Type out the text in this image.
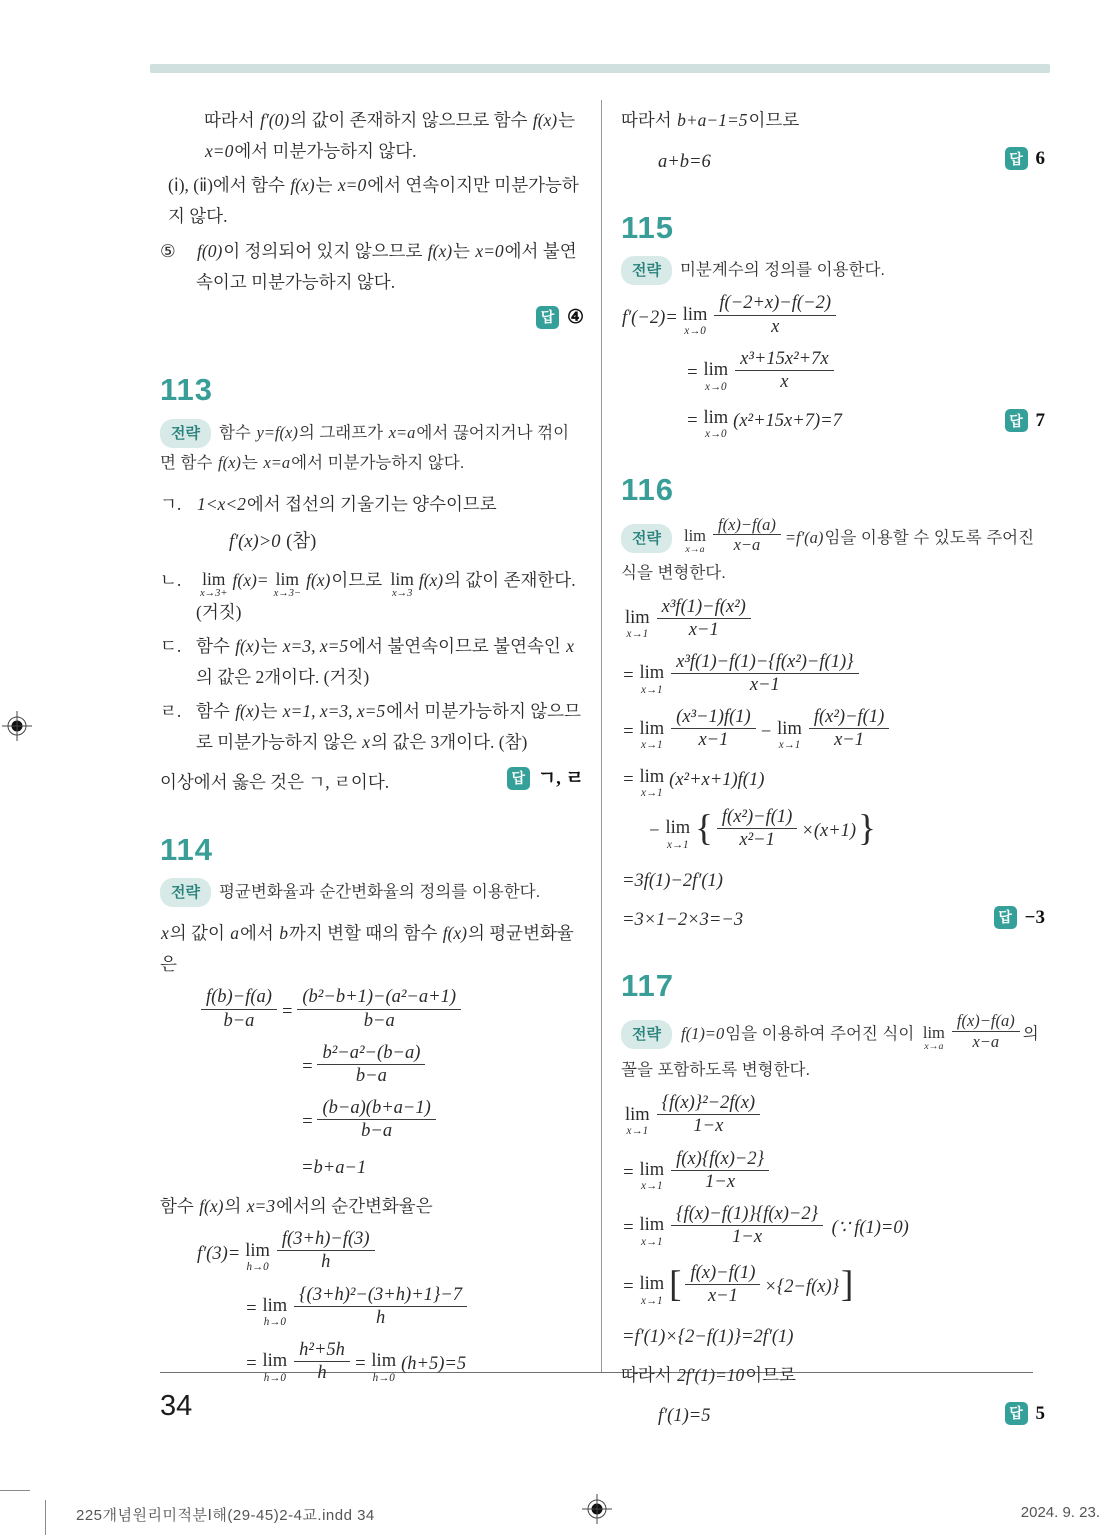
따라서 f′(0)의 값이 존재하지 않으므로 함수 f(x)는 x=0에서 미분가능하지 않다.
(ⅰ), (ⅱ)에서 함수 f(x)는 x=0에서 연속이지만 미분가능하지 않다.
⑤	f(0)이 정의되어 있지 않으므로 f(x)는 x=0에서 불연속이고 미분가능하지 않다.
답 ④
113
전략 함수 y=f(x)의 그래프가 x=a에서 끊어지거나 꺾이면 함수 f(x)는 x=a에서 미분가능하지 않다.
ㄱ. 1<x<2에서 접선의 기울기는 양수이므로
f′(x)>0 (참)
ㄴ.	lim
x→3+
f(x)= lim
x→3−
f(x)이므로 lim
x→3
f(x)의 값이 존재한다. (거짓)
ㄷ. 함수 f(x)는 x=3, x=5에서 불연속이므로 불연속인 x의 값은 2개이다. (거짓)
ㄹ. 함수 f(x)는 x=1, x=3, x=5에서 미분가능하지 않으므로 미분가능하지 않은 x의 값은 3개이다. (참)
이상에서 옳은 것은 ㄱ, ㄹ이다.	답 ㄱ, ㄹ
114
전략 평균변화율과 순간변화율의 정의를 이용한다.
x의 값이 a에서 b까지 변할 때의 함수 f(x)의 평균변화율은
$\frac{f(b)-f(a)}{b-a} = \frac{\text{(b²−b+1)−(a²−a+1)}}{b-a}$
= $\frac{\text{b²−a²−(b−a)}}{b-a}$
= $\frac{(b-a)(b+a-1)}{b-a}$
=b+a−1
함수 f(x)의 x=3에서의 순간변화율은
f′(3)= lim
$h\to 0 \frac{f(3+h)-f(3)}{h}$
= lim
$h\to 0 \frac{\text{\{(3+h)²−(3+h)+1\}−7}}{h}$
= lim
$h\to 0 \frac{\text{h²+5h}}{h} = \lim$
h→0
(h+5)=5
따라서 b+a−1=5이므로
a+b=6	답 6
115
전략 미분계수의 정의를 이용한다.
f′(−2)= lim
$x\to 0 \frac{f(-2+x)-f(-2)}{x}$
= lim
$x\to 0 \frac{\text{x³+15x²+7x}}{x}$
= lim
x→0
(x²+15x+7)=7	답 7
116
전략 lim
$x\to a \frac{f(x)-f(a)}{x-a} =f'(a)$임을 이용할 수 있도록 주어진 식을 변형한다.
lim
$x\to 1 \frac{\text{x³f(1)−f(x²)}}{x-1}$
= lim
$x\to 1 \frac{\text{x³f(1)−f(1)−\{f(x²)−f(1)\}}}{x-1}$
= lim
$x\to 1 \frac{\text{(x³−1)f(1)}}{x-1} - \lim$
$x\to 1 \frac{\text{f(x²)−f(1)}}{x-1}$
= lim
x→1
(x²+x+1)f(1)
− lim
x→1 { $\frac{\text{f(x²)−f(1)}}{\text{x²−1}} \times(x+1)$}
=3f(1)−2f′(1)
=3×1−2×3=−3	답 −3
117
전략 f(1)=0임을 이용하여 주어진 식이 lim
$x\to a \frac{f(x)-f(a)}{x-a}$ 의 꼴을 포함하도록 변형한다.
lim
$x\to 1 \frac{\text{\{f(x)\}²−2f(x)}}{1-x}$
= lim
$x\to 1 \frac{f(x)\{f(x)-2\}}{1-x}$
= lim
$x\to 1 \frac{\{f(x)-f(1)\}\{f(x)-2\}}{1-x}$ (∵ f(1)=0)
= lim
x→1 [ $\frac{f(x)-f(1)}{x-1} \times\{2-f(x)\}$]
=f′(1)×{2−f(1)}=2f′(1)
따라서 2f′(1)=10이므로
f′(1)=5	답 5
34
225개념원리미적분Ⅰ해(29-45)2-4교.indd 34	2024. 9. 23.
